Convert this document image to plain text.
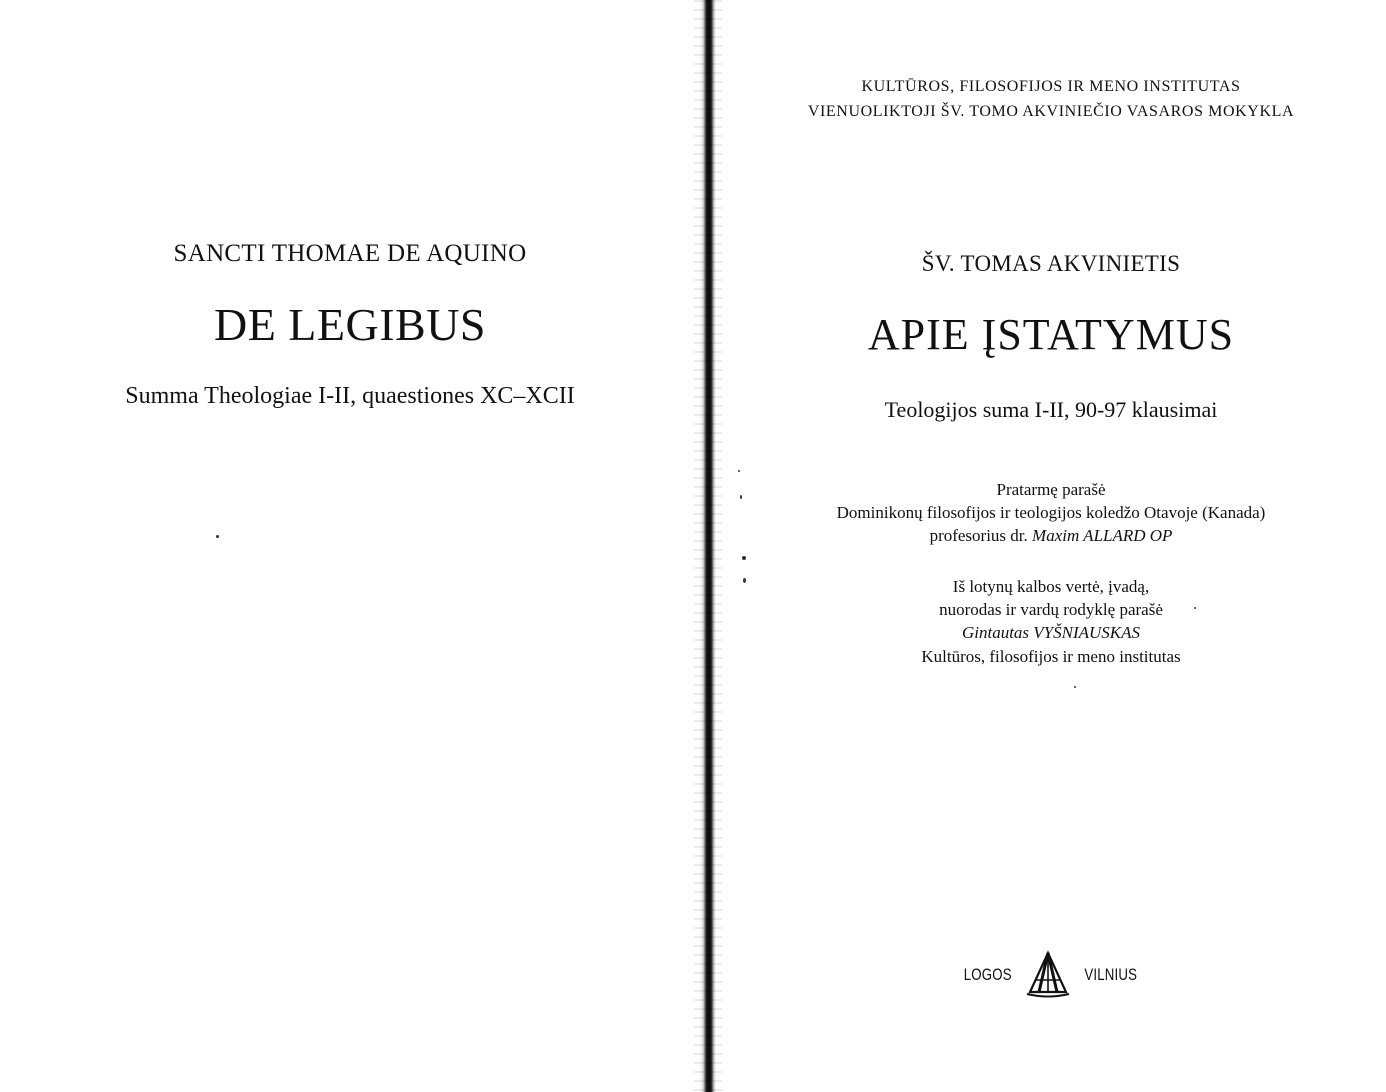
SANCTI THOMAE DE AQUINO
DE LEGIBUS
Summa Theologiae I-II, quaestiones XC–XCII
KULTŪROS, FILOSOFIJOS IR MENO INSTITUTAS
VIENUOLIKTOJI ŠV. TOMO AKVINIEČIO VASAROS MOKYKLA
ŠV. TOMAS AKVINIETIS
APIE ĮSTATYMUS
Teologijos suma I-II, 90-97 klausimai
Pratarmę parašė
Dominikonų filosofijos ir teologijos koledžo Otavoje (Kanada)
profesorius dr. Maxim ALLARD OP
Iš lotynų kalbos vertė, įvadą,
nuorodas ir vardų rodyklę parašė
Gintautas VYŠNIAUSKAS
Kultūros, filosofijos ir meno institutas
LOGOS	VILNIUS
